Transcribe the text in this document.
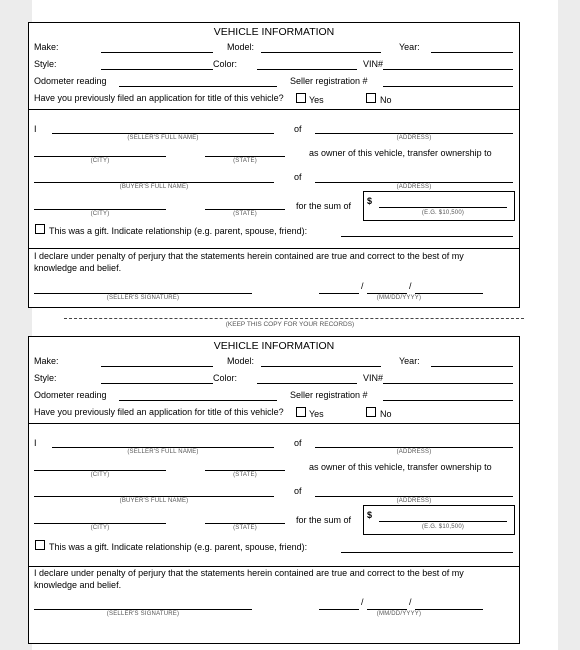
VEHICLE INFORMATION
Make:	Model:	Year:
Style:	Color:	VIN#
Odometer reading	Seller registration #
Have you previously filed an application for title of this vehicle?	Yes	No
I
(SELLER'S FULL NAME)
of
(ADDRESS)
(CITY)	(STATE)
as owner of this vehicle, transfer ownership to
(BUYER'S FULL NAME)
of
(ADDRESS)
(CITY)	(STATE)
for the sum of $
(E.G. $10,500)
This was a gift. Indicate relationship (e.g. parent, spouse, friend):
I declare under penalty of perjury that the statements herein contained are true and correct to the best of my
knowledge and belief.
(SELLER'S SIGNATURE)
/	/
(MM/DD/YYYY)
(KEEP THIS COPY FOR YOUR RECORDS)
VEHICLE INFORMATION
Make:	Model:	Year:
Style:	Color:	VIN#
Odometer reading	Seller registration #
Have you previously filed an application for title of this vehicle?	Yes	No
I
(SELLER'S FULL NAME)
of
(ADDRESS)
(CITY)	(STATE)
as owner of this vehicle, transfer ownership to
(BUYER'S FULL NAME)
of
(ADDRESS)
(CITY)	(STATE)
for the sum of $
(E.G. $10,500)
This was a gift. Indicate relationship (e.g. parent, spouse, friend):
I declare under penalty of perjury that the statements herein contained are true and correct to the best of my
knowledge and belief.
(SELLER'S SIGNATURE)
/	/
(MM/DD/YYYY)
